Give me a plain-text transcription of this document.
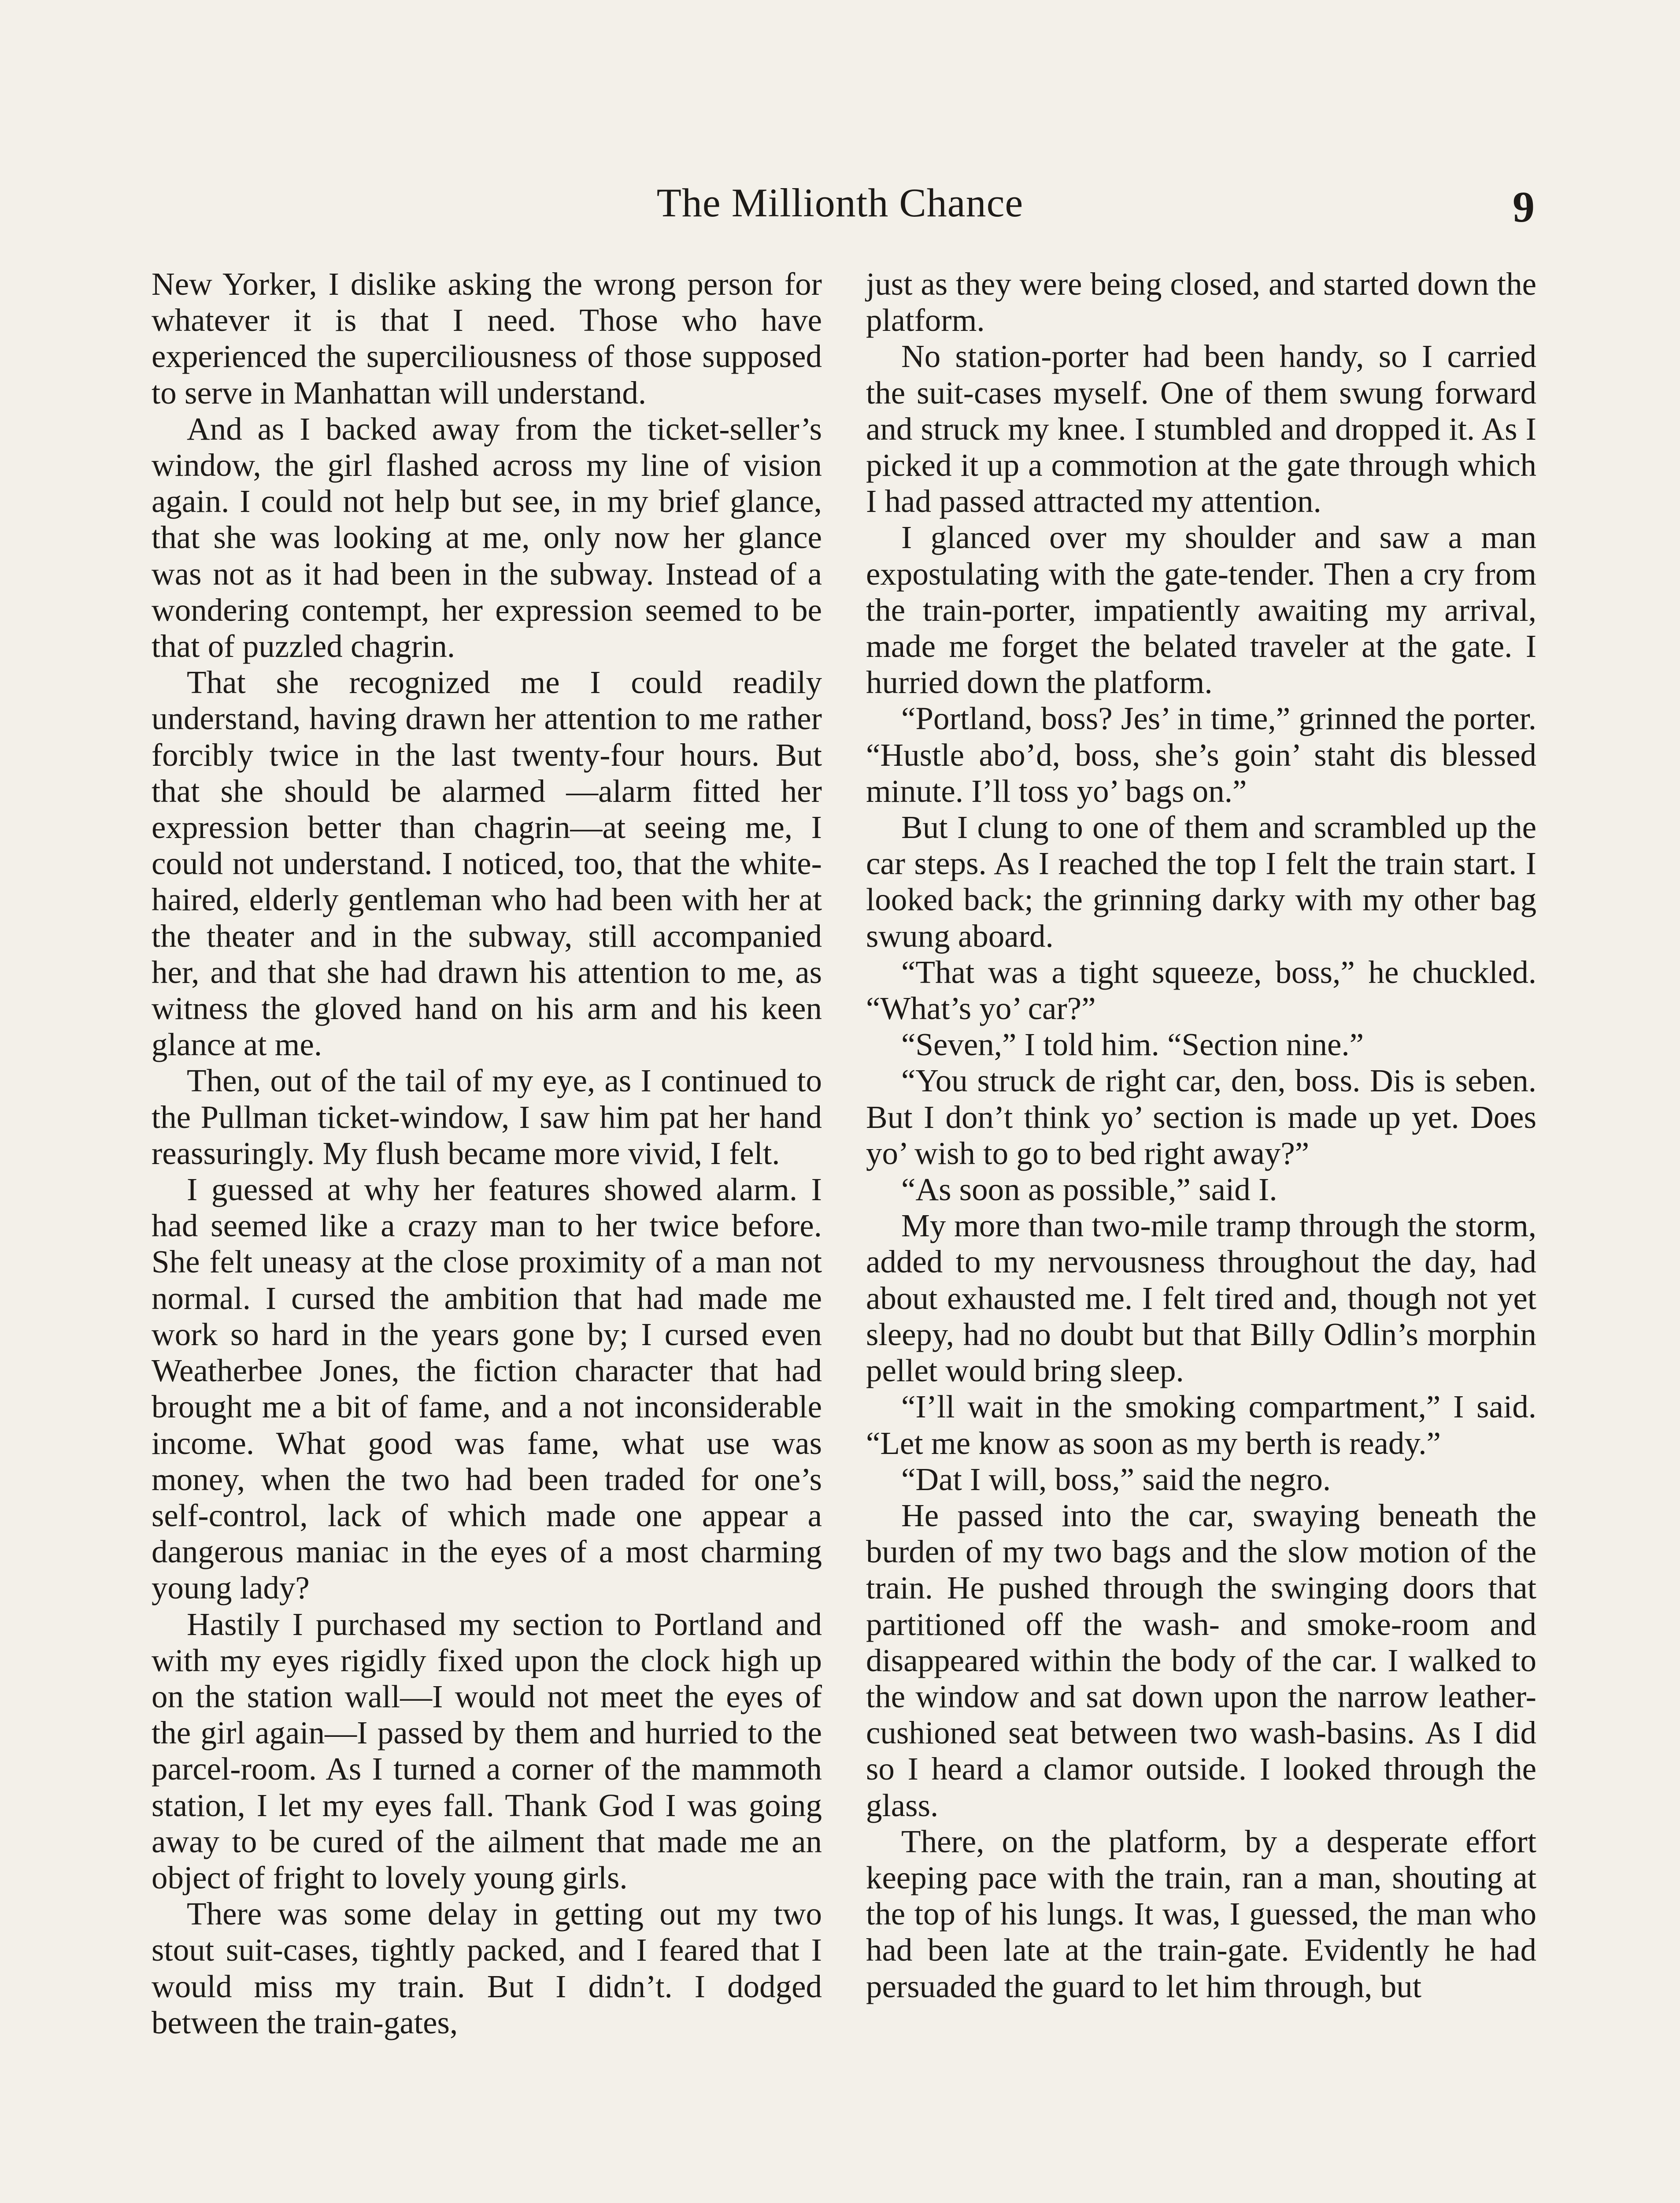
The Millionth Chance	9

New Yorker, I dislike asking the wrong person for whatever it is that I need. Those who have experienced the superciliousness of those supposed to serve in Manhattan will understand.

And as I backed away from the ticket-seller’s window, the girl flashed across my line of vision again. I could not help but see, in my brief glance, that she was looking at me, only now her glance was not as it had been in the subway. Instead of a wondering contempt, her expression seemed to be that of puzzled chagrin.

That she recognized me I could readily understand, having drawn her attention to me rather forcibly twice in the last twenty-four hours. But that she should be alarmed —alarm fitted her expression better than chagrin—at seeing me, I could not understand. I noticed, too, that the white-haired, elderly gentleman who had been with her at the theater and in the subway, still accompanied her, and that she had drawn his attention to me, as witness the gloved hand on his arm and his keen glance at me.

Then, out of the tail of my eye, as I continued to the Pullman ticket-window, I saw him pat her hand reassuringly. My flush became more vivid, I felt.

I guessed at why her features showed alarm. I had seemed like a crazy man to her twice before. She felt uneasy at the close proximity of a man not normal. I cursed the ambition that had made me work so hard in the years gone by; I cursed even Weatherbee Jones, the fiction character that had brought me a bit of fame, and a not inconsiderable income. What good was fame, what use was money, when the two had been traded for one’s self-control, lack of which made one appear a dangerous maniac in the eyes of a most charming young lady?

Hastily I purchased my section to Portland and with my eyes rigidly fixed upon the clock high up on the station wall—I would not meet the eyes of the girl again—I passed by them and hurried to the parcel-room. As I turned a corner of the mammoth station, I let my eyes fall. Thank God I was going away to be cured of the ailment that made me an object of fright to lovely young girls.

There was some delay in getting out my two stout suit-cases, tightly packed, and I feared that I would miss my train. But I didn’t. I dodged between the train-gates,

just as they were being closed, and started down the platform.

No station-porter had been handy, so I carried the suit-cases myself. One of them swung forward and struck my knee. I stumbled and dropped it. As I picked it up a commotion at the gate through which I had passed attracted my attention.

I glanced over my shoulder and saw a man expostulating with the gate-tender. Then a cry from the train-porter, impatiently awaiting my arrival, made me forget the belated traveler at the gate. I hurried down the platform.

“Portland, boss? Jes’ in time,” grinned the porter. “Hustle abo’d, boss, she’s goin’ staht dis blessed minute. I’ll toss yo’ bags on.”

But I clung to one of them and scrambled up the car steps. As I reached the top I felt the train start. I looked back; the grinning darky with my other bag swung aboard.

“That was a tight squeeze, boss,” he chuckled. “What’s yo’ car?”

“Seven,” I told him. “Section nine.”

“You struck de right car, den, boss. Dis is seben. But I don’t think yo’ section is made up yet. Does yo’ wish to go to bed right away?”

“As soon as possible,” said I.

My more than two-mile tramp through the storm, added to my nervousness throughout the day, had about exhausted me. I felt tired and, though not yet sleepy, had no doubt but that Billy Odlin’s morphin pellet would bring sleep.

“I’ll wait in the smoking compartment,” I said. “Let me know as soon as my berth is ready.”

“Dat I will, boss,” said the negro.

He passed into the car, swaying beneath the burden of my two bags and the slow motion of the train. He pushed through the swinging doors that partitioned off the wash- and smoke-room and disappeared within the body of the car. I walked to the window and sat down upon the narrow leather-cushioned seat between two wash-basins. As I did so I heard a clamor outside. I looked through the glass.

There, on the platform, by a desperate effort keeping pace with the train, ran a man, shouting at the top of his lungs. It was, I guessed, the man who had been late at the train-gate. Evidently he had persuaded the guard to let him through, but
